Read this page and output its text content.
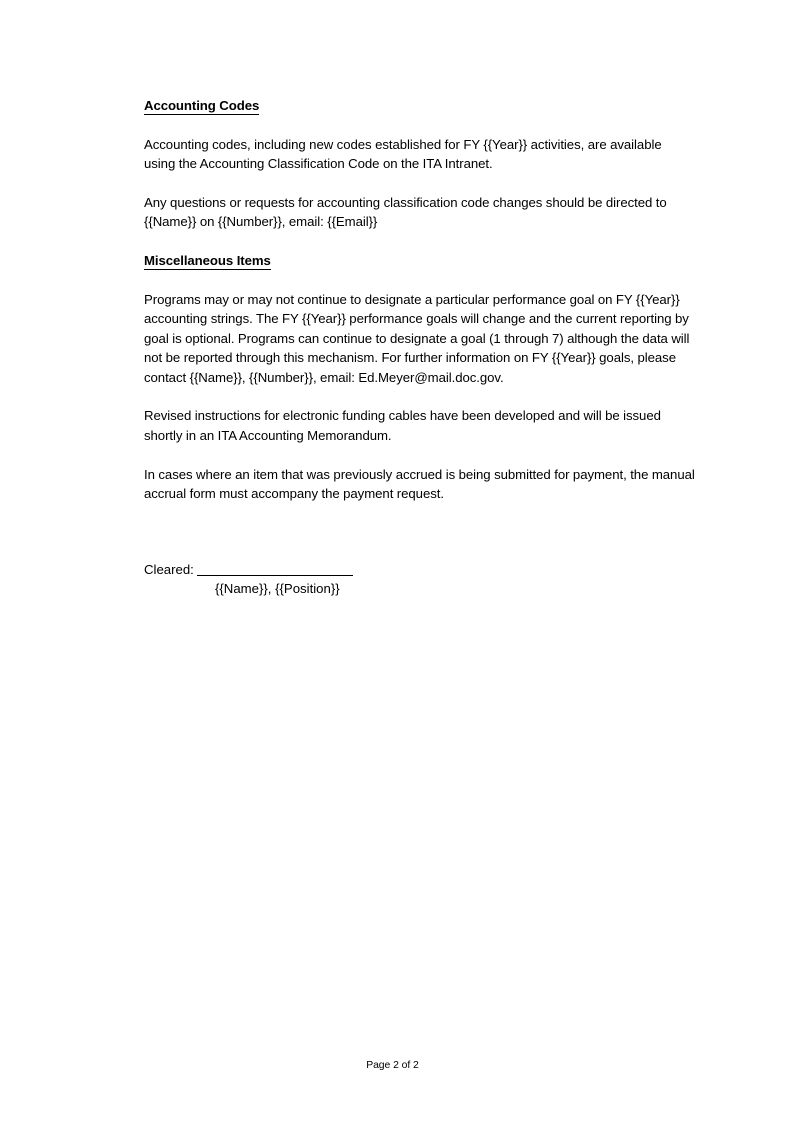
Accounting Codes

Accounting codes, including new codes established for FY {{Year}} activities, are available using the Accounting Classification Code on the ITA Intranet.

Any questions or requests for accounting classification code changes should be directed to {{Name}} on {{Number}}, email: {{Email}}

Miscellaneous Items

Programs may or may not continue to designate a particular performance goal on FY {{Year}} accounting strings. The FY {{Year}} performance goals will change and the current reporting by goal is optional. Programs can continue to designate a goal (1 through 7) although the data will not be reported through this mechanism. For further information on FY {{Year}} goals, please contact {{Name}}, {{Number}}, email: Ed.Meyer@mail.doc.gov.

Revised instructions for electronic funding cables have been developed and will be issued shortly in an ITA Accounting Memorandum.

In cases where an item that was previously accrued is being submitted for payment, the manual accrual form must accompany the payment request.

Cleared:
{{Name}}, {{Position}}
Page 2 of 2
